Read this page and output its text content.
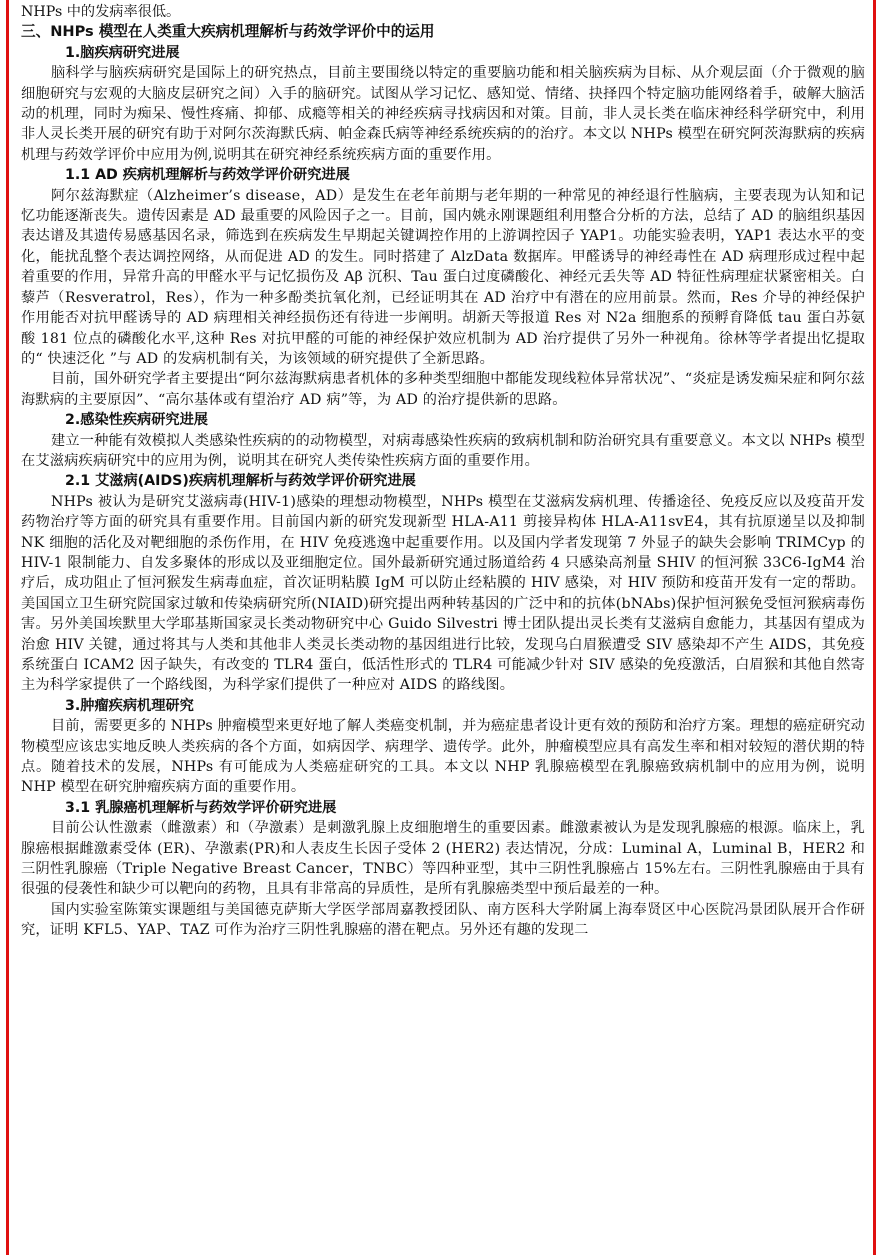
NHPs 中的发病率很低。

三、NHPs 模型在人类重大疾病机理解析与药效学评价中的运用
1.脑疾病研究进展

脑科学与脑疾病研究是国际上的研究热点，目前主要围绕以特定的重要脑功能和相关脑疾病为目标、从介观层面（介于微观的脑细胞研究与宏观的大脑皮层研究之间）入手的脑研究。试图从学习记忆、感知觉、情绪、抉择四个特定脑功能网络着手，破解大脑活动的机理，同时为痴呆、慢性疼痛、抑郁、成瘾等相关的神经疾病寻找病因和对策。目前，非人灵长类在临床神经科学研究中，利用非人灵长类开展的研究有助于对阿尔茨海默氏病、帕金森氏病等神经系统疾病的的治疗。本文以 NHPs 模型在研究阿茨海默病的疾病机理与药效学评价中应用为例,说明其在研究神经系统疾病方面的重要作用。

1.1 AD 疾病机理解析与药效学评价研究进展

阿尔兹海默症（Alzheimer’s disease，AD）是发生在老年前期与老年期的一种常见的神经退行性脑病，主要表现为认知和记忆功能逐渐丧失。遗传因素是 AD 最重要的风险因子之一。目前，国内姚永刚课题组利用整合分析的方法，总结了 AD 的脑组织基因表达谱及其遗传易感基因名录，筛选到在疾病发生早期起关键调控作用的上游调控因子 YAP1。功能实验表明，YAP1 表达水平的变化，能扰乱整个表达调控网络，从而促进 AD 的发生。同时搭建了 AlzData 数据库。甲醛诱导的神经毒性在 AD 病理形成过程中起着重要的作用，异常升高的甲醛水平与记忆损伤及 Aβ 沉积、Tau 蛋白过度磷酸化、神经元丢失等 AD 特征性病理症状紧密相关。白藜芦（Resveratrol，Res），作为一种多酚类抗氧化剂，已经证明其在 AD 治疗中有潜在的应用前景。然而，Res 介导的神经保护作用能否对抗甲醛诱导的 AD 病理相关神经损伤还有待进一步阐明。胡新天等报道 Res 对 N2a 细胞系的预孵育降低 tau 蛋白苏氨酸 181 位点的磷酸化水平,这种 Res 对抗甲醛的可能的神经保护效应机制为 AD 治疗提供了另外一种视角。徐林等学者提出忆提取的“ 快速泛化 ”与 AD 的发病机制有关，为该领域的研究提供了全新思路。

目前，国外研究学者主要提出“阿尔兹海默病患者机体的多种类型细胞中都能发现线粒体异常状况”、“炎症是诱发痴呆症和阿尔兹海默病的主要原因”、“高尔基体或有望治疗 AD 病”等，为 AD 的治疗提供新的思路。

2.感染性疾病研究进展

建立一种能有效模拟人类感染性疾病的的动物模型，对病毒感染性疾病的致病机制和防治研究具有重要意义。本文以 NHPs 模型在艾滋病疾病研究中的应用为例，说明其在研究人类传染性疾病方面的重要作用。

2.1 艾滋病(AIDS)疾病机理解析与药效学评价研究进展

NHPs 被认为是研究艾滋病毒(HIV-1)感染的理想动物模型，NHPs 模型在艾滋病发病机理、传播途径、免疫反应以及疫苗开发药物治疗等方面的研究具有重要作用。目前国内新的研究发现新型 HLA-A11 剪接异构体 HLA-A11svE4，其有抗原递呈以及抑制 NK 细胞的活化及对靶细胞的杀伤作用，在 HIV 免疫逃逸中起重要作用。以及国内学者发现第 7 外显子的缺失会影响 TRIMCyp 的 HIV-1 限制能力、自发多聚体的形成以及亚细胞定位。国外最新研究通过肠道给药 4 只感染高剂量 SHIV 的恒河猴 33C6-IgM4 治疗后，成功阻止了恒河猴发生病毒血症，首次证明粘膜 IgM 可以防止经粘膜的 HIV 感染，对 HIV 预防和疫苗开发有一定的帮助。美国国立卫生研究院国家过敏和传染病研究所(NIAID)研究提出两种转基因的广泛中和的抗体(bNAbs)保护恒河猴免受恒河猴病毒伤害。另外美国埃默里大学耶基斯国家灵长类动物研究中心 Guido Silvestri 博士团队提出灵长类有艾滋病自愈能力，其基因有望成为治愈 HIV 关键，通过将其与人类和其他非人类灵长类动物的基因组进行比较，发现乌白眉猴遭受 SIV 感染却不产生 AIDS，其免疫系统蛋白 ICAM2 因子缺失，有改变的 TLR4 蛋白，低活性形式的 TLR4 可能减少针对 SIV 感染的免疫激活，白眉猴和其他自然寄主为科学家提供了一个路线图，为科学家们提供了一种应对 AIDS 的路线图。

3.肿瘤疾病机理研究

目前，需要更多的 NHPs 肿瘤模型来更好地了解人类癌变机制，并为癌症患者设计更有效的预防和治疗方案。理想的癌症研究动物模型应该忠实地反映人类疾病的各个方面，如病因学、病理学、遗传学。此外，肿瘤模型应具有高发生率和相对较短的潜伏期的特点。随着技术的发展，NHPs 有可能成为人类癌症研究的工具。本文以 NHP 乳腺癌模型在乳腺癌致病机制中的应用为例，说明 NHP 模型在研究肿瘤疾病方面的重要作用。

3.1 乳腺癌机理解析与药效学评价研究进展

目前公认性激素（雌激素）和（孕激素）是刺激乳腺上皮细胞增生的重要因素。雌激素被认为是发现乳腺癌的根源。临床上，乳腺癌根据雌激素受体 (ER)、孕激素(PR)和人表皮生长因子受体 2 (HER2) 表达情况，分成：Luminal A，Luminal B，HER2 和三阴性乳腺癌（Triple Negative Breast Cancer，TNBC）等四种亚型，其中三阴性乳腺癌占 15%左右。三阴性乳腺癌由于具有很强的侵袭性和缺少可以靶向的药物，且具有非常高的异质性，是所有乳腺癌类型中预后最差的一种。

国内实验室陈策实课题组与美国德克萨斯大学医学部周嘉教授团队、南方医科大学附属上海奉贤区中心医院冯景团队展开合作研究，证明 KFL5、YAP、TAZ 可作为治疗三阴性乳腺癌的潜在靶点。另外还有趣的发现二
